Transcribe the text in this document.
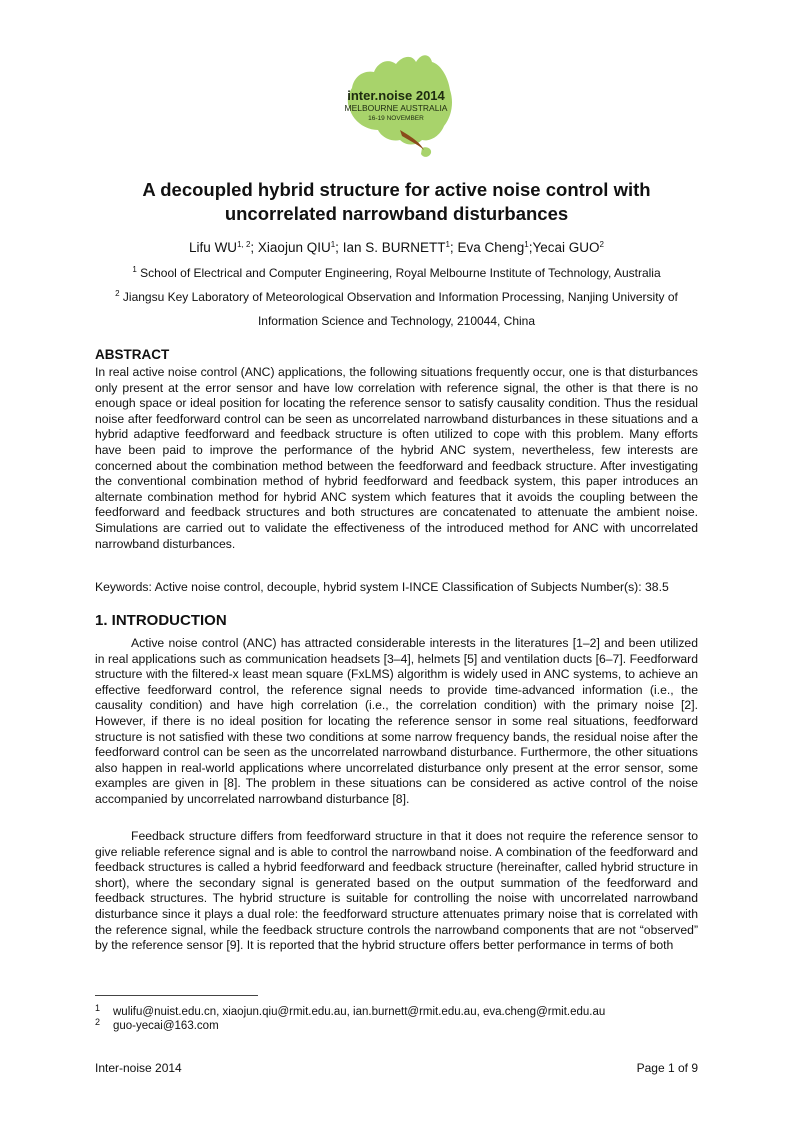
inter.noise 2014
MELBOURNE AUSTRALIA
16-19 NOVEMBER
A decoupled hybrid structure for active noise control with uncorrelated narrowband disturbances
Lifu WU$^{1, 2}$; Xiaojun QIU$^1$; Ian S. BURNETT$^1$; Eva Cheng$^1$;Yecai GUO$^2$
$^1$ School of Electrical and Computer Engineering, Royal Melbourne Institute of Technology, Australia
$^2$ Jiangsu Key Laboratory of Meteorological Observation and Information Processing, Nanjing University of Information Science and Technology, 210044, China
ABSTRACT

In real active noise control (ANC) applications, the following situations frequently occur, one is that disturbances only present at the error sensor and have low correlation with reference signal, the other is that there is no enough space or ideal position for locating the reference sensor to satisfy causality condition. Thus the residual noise after feedforward control can be seen as uncorrelated narrowband disturbances in these situations and a hybrid adaptive feedforward and feedback structure is often utilized to cope with this problem. Many efforts have been paid to improve the performance of the hybrid ANC system, nevertheless, few interests are concerned about the combination method between the feedforward and feedback structure. After investigating the conventional combination method of hybrid feedforward and feedback system, this paper introduces an alternate combination method for hybrid ANC system which features that it avoids the coupling between the feedforward and feedback structures and both structures are concatenated to attenuate the ambient noise. Simulations are carried out to validate the effectiveness of the introduced method for ANC with uncorrelated narrowband disturbances.

Keywords: Active noise control, decouple, hybrid system I-INCE Classification of Subjects Number(s): 38.5

1. INTRODUCTION

Active noise control (ANC) has attracted considerable interests in the literatures [1–2] and been utilized in real applications such as communication headsets [3–4], helmets [5] and ventilation ducts [6–7]. Feedforward structure with the filtered-x least mean square (FxLMS) algorithm is widely used in ANC systems, to achieve an effective feedforward control, the reference signal needs to provide time-advanced information (i.e., the causality condition) and have high correlation (i.e., the correlation condition) with the primary noise [2]. However, if there is no ideal position for locating the reference sensor in some real situations, feedforward structure is not satisfied with these two conditions at some narrow frequency bands, the residual noise after the feedforward control can be seen as the uncorrelated narrowband disturbance. Furthermore, the other situations also happen in real-world applications where uncorrelated disturbance only present at the error sensor, some examples are given in [8]. The problem in these situations can be considered as active control of the noise accompanied by uncorrelated narrowband disturbance [8].

Feedback structure differs from feedforward structure in that it does not require the reference sensor to give reliable reference signal and is able to control the narrowband noise. A combination of the feedforward and feedback structures is called a hybrid feedforward and feedback structure (hereinafter, called hybrid structure in short), where the secondary signal is generated based on the output summation of the feedforward and feedback structures. The hybrid structure is suitable for controlling the noise with uncorrelated narrowband disturbance since it plays a dual role: the feedforward structure attenuates primary noise that is correlated with the reference signal, while the feedback structure controls the narrowband components that are not “observed” by the reference sensor [9]. It is reported that the hybrid structure offers better performance in terms of both

1 wulifu@nuist.edu.cn, xiaojun.qiu@rmit.edu.au, ian.burnett@rmit.edu.au, eva.cheng@rmit.edu.au
2 guo-yecai@163.com
Inter-noise 2014	Page 1 of 9
